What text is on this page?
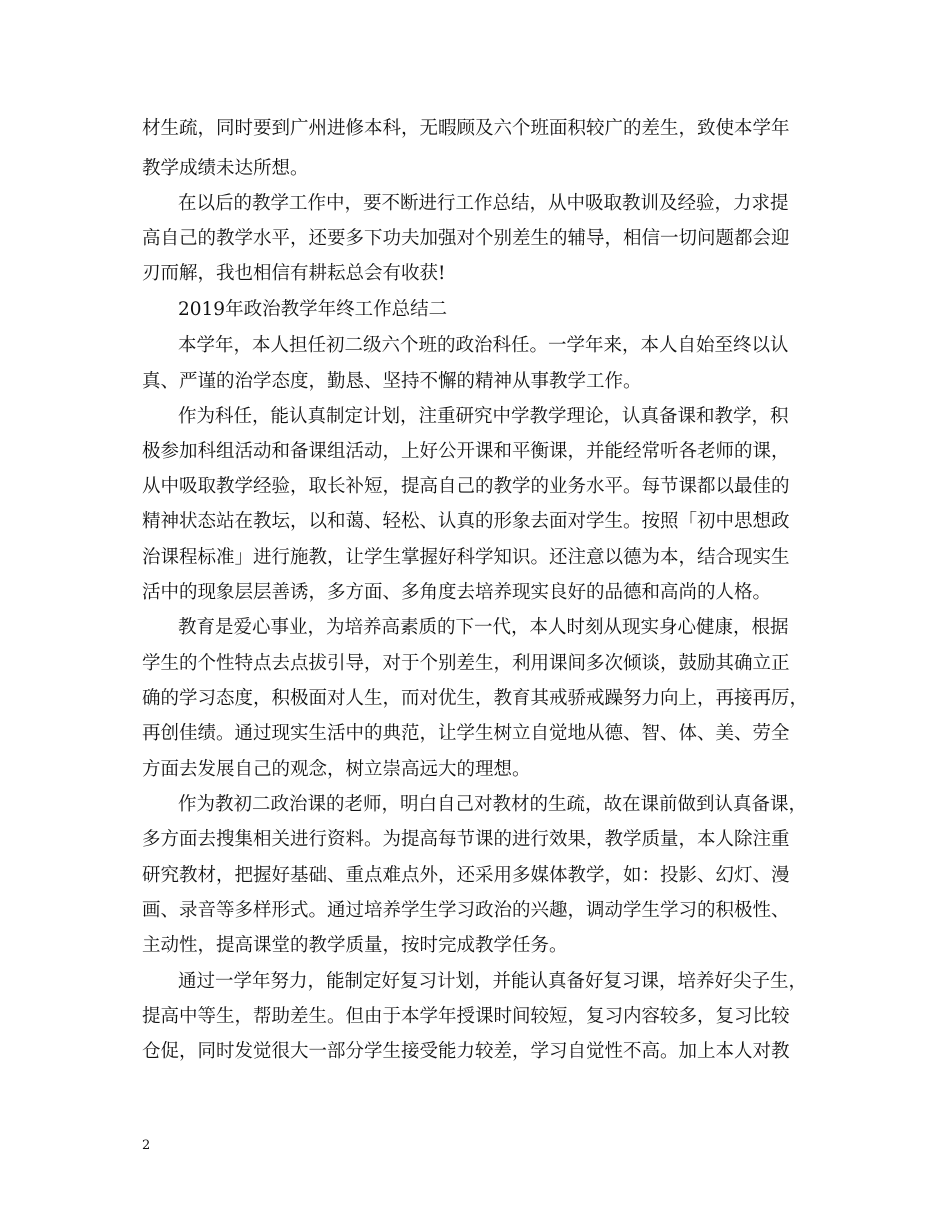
材生疏，同时要到广州进修本科，无暇顾及六个班面积较广的差生，致使本学年

教学成绩未达所想。

在以后的教学工作中，要不断进行工作总结，从中吸取教训及经验，力求提

高自己的教学水平，还要多下功夫加强对个别差生的辅导，相信一切问题都会迎

刃而解，我也相信有耕耘总会有收获!

2019年政治教学年终工作总结二

本学年，本人担任初二级六个班的政治科任。一学年来，本人自始至终以认

真、严谨的治学态度，勤恳、坚持不懈的精神从事教学工作。

作为科任，能认真制定计划，注重研究中学教学理论，认真备课和教学，积

极参加科组活动和备课组活动，上好公开课和平衡课，并能经常听各老师的课，

从中吸取教学经验，取长补短，提高自己的教学的业务水平。每节课都以最佳的

精神状态站在教坛，以和蔼、轻松、认真的形象去面对学生。按照「初中思想政

治课程标准」进行施教，让学生掌握好科学知识。还注意以德为本，结合现实生

活中的现象层层善诱，多方面、多角度去培养现实良好的品德和高尚的人格。

教育是爱心事业，为培养高素质的下一代，本人时刻从现实身心健康，根据

学生的个性特点去点拔引导，对于个别差生，利用课间多次倾谈，鼓励其确立正

确的学习态度，积极面对人生，而对优生，教育其戒骄戒躁努力向上，再接再厉，

再创佳绩。通过现实生活中的典范，让学生树立自觉地从德、智、体、美、劳全

方面去发展自己的观念，树立崇高远大的理想。

作为教初二政治课的老师，明白自己对教材的生疏，故在课前做到认真备课，

多方面去搜集相关进行资料。为提高每节课的进行效果，教学质量，本人除注重

研究教材，把握好基础、重点难点外，还采用多媒体教学，如：投影、幻灯、漫

画、录音等多样形式。通过培养学生学习政治的兴趣，调动学生学习的积极性、

主动性，提高课堂的教学质量，按时完成教学任务。

通过一学年努力，能制定好复习计划，并能认真备好复习课，培养好尖子生，

提高中等生，帮助差生。但由于本学年授课时间较短，复习内容较多，复习比较

仓促，同时发觉很大一部分学生接受能力较差，学习自觉性不高。加上本人对教

2
